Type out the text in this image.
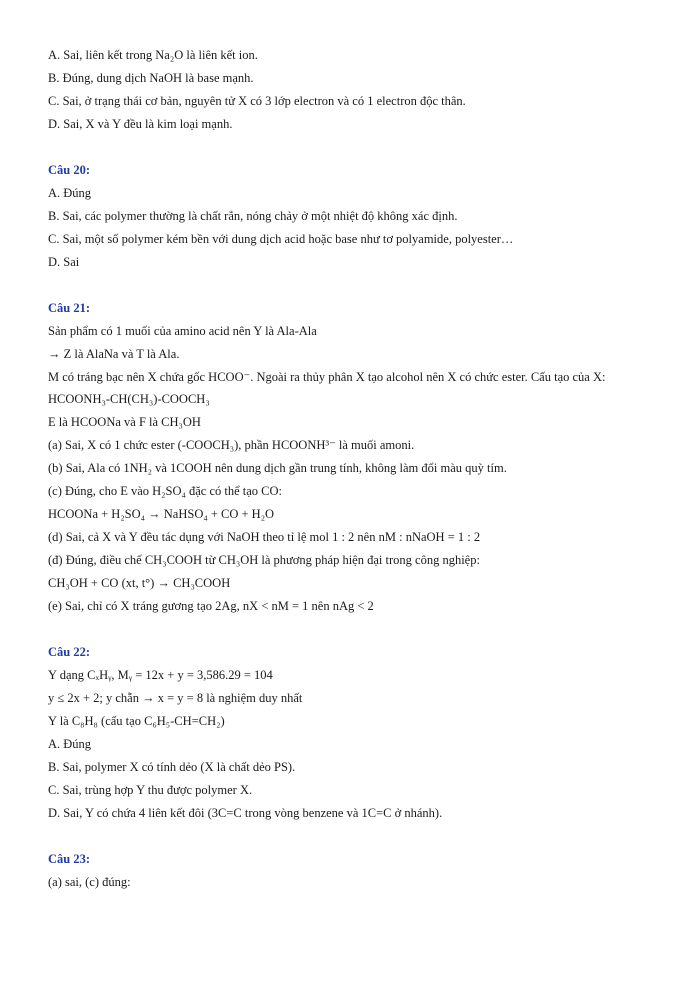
A. Sai, liên kết trong Na₂O là liên kết ion.
B. Đúng, dung dịch NaOH là base mạnh.
C. Sai, ở trạng thái cơ bản, nguyên tử X có 3 lớp electron và có 1 electron độc thân.
D. Sai, X và Y đều là kim loại mạnh.
Câu 20:
A. Đúng
B. Sai, các polymer thường là chất rắn, nóng chảy ở một nhiệt độ không xác định.
C. Sai, một số polymer kém bền với dung dịch acid hoặc base như tơ polyamide, polyester…
D. Sai
Câu 21:
Sản phẩm có 1 muối của amino acid nên Y là Ala-Ala
→ Z là AlaNa và T là Ala.
M có tráng bạc nên X chứa gốc HCOO⁻. Ngoài ra thủy phân X tạo alcohol nên X có chức ester. Cấu tạo của X:
HCOONH₃-CH(CH₃)-COOCH₃
E là HCOONa và F là CH₃OH
(a) Sai, X có 1 chức ester (-COOCH₃), phần HCOONH³⁻ là muối amoni.
(b) Sai, Ala có 1NH₂ và 1COOH nên dung dịch gần trung tính, không làm đổi màu quỳ tím.
(c) Đúng, cho E vào H₂SO₄ đặc có thể tạo CO:
HCOONa + H₂SO₄ → NaHSO₄ + CO + H₂O
(d) Sai, cả X và Y đều tác dụng với NaOH theo tỉ lệ mol 1 : 2 nên nM : nNaOH = 1 : 2
(đ) Đúng, điều chế CH₃COOH từ CH₃OH là phương pháp hiện đại trong công nghiệp:
CH₃OH + CO (xt, t°) → CH₃COOH
(e) Sai, chỉ có X tráng gương tạo 2Ag, nX < nM = 1 nên nAg < 2
Câu 22:
Y dạng CₓHᵧ, Mᵧ = 12x + y = 3,586.29 = 104
y ≤ 2x + 2; y chẵn → x = y = 8 là nghiệm duy nhất
Y là C₈H₈ (cấu tạo C₆H₅-CH=CH₂)
A. Đúng
B. Sai, polymer X có tính dẻo (X là chất dẻo PS).
C. Sai, trùng hợp Y thu được polymer X.
D. Sai, Y có chứa 4 liên kết đôi (3C=C trong vòng benzene và 1C=C ở nhánh).
Câu 23:
(a) sai, (c) đúng:
